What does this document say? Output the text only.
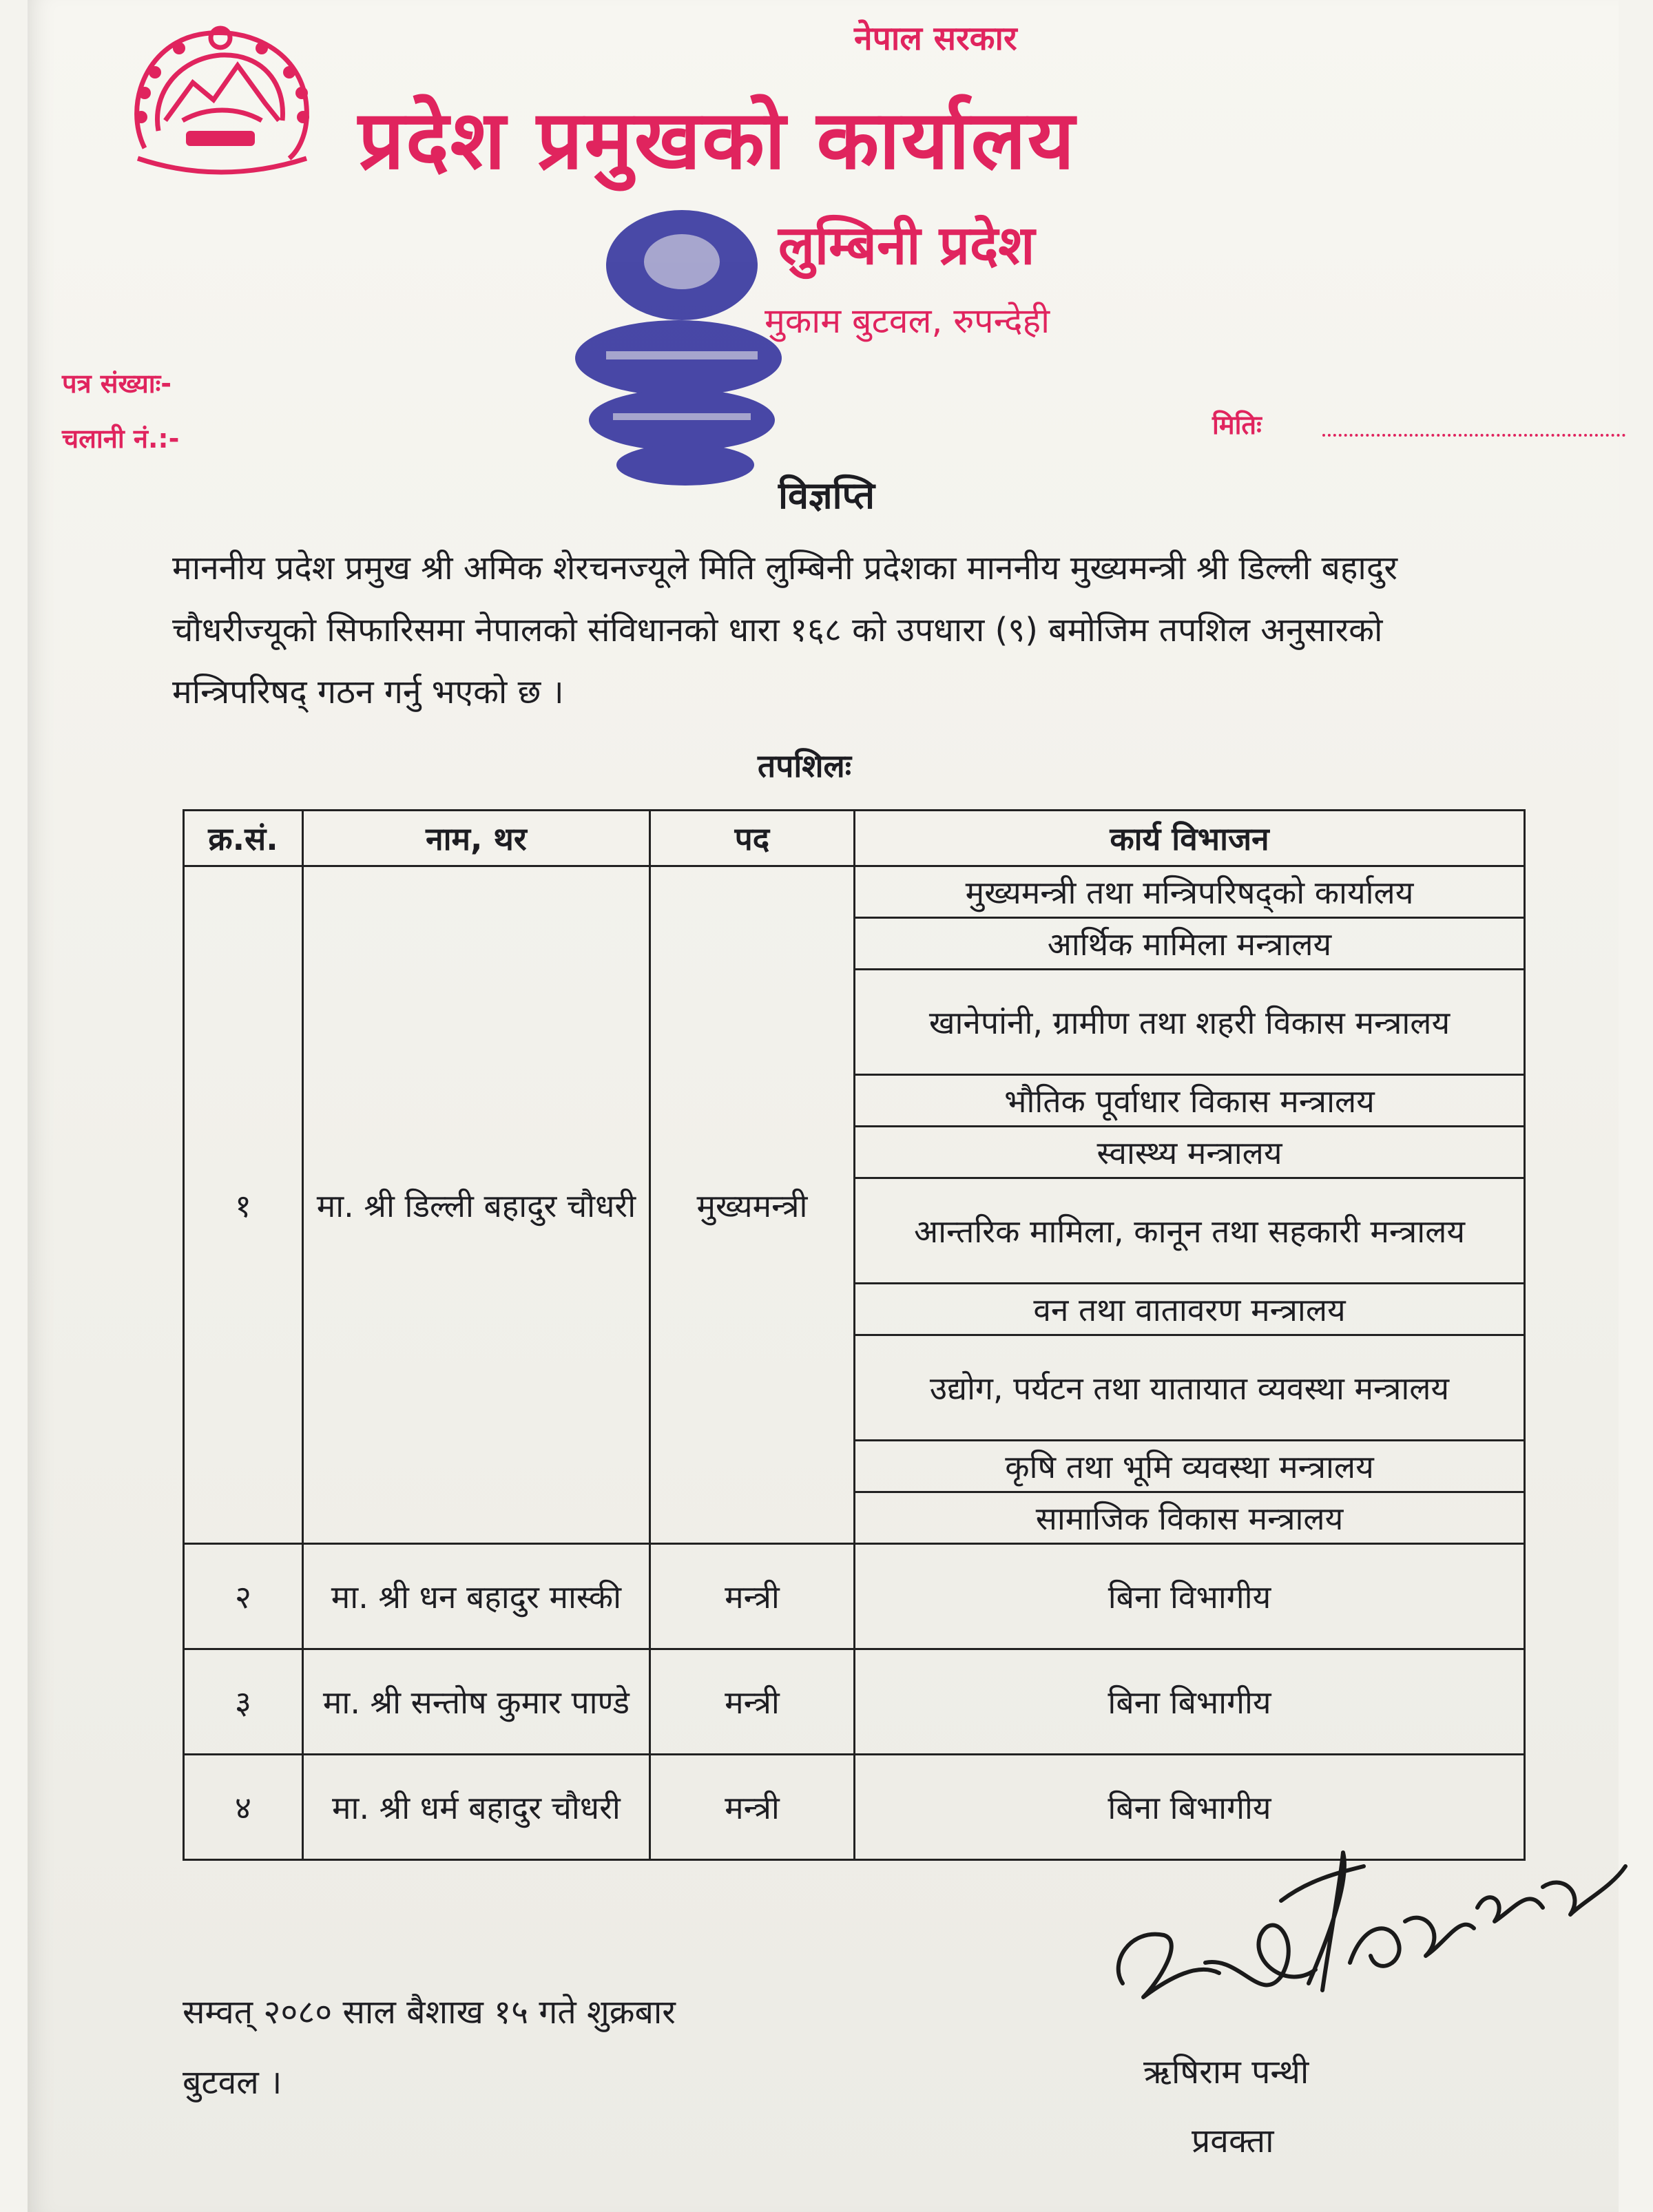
नेपाल सरकार
प्रदेश प्रमुखको कार्यालय
लुम्बिनी प्रदेश
मुकाम बुटवल, रुपन्देही
पत्र संख्याः-
चलानी नं.:-	मितिः
विज्ञप्ति
माननीय प्रदेश प्रमुख श्री अमिक शेरचनज्यूले मिति लुम्बिनी प्रदेशका माननीय मुख्यमन्त्री श्री डिल्ली बहादुर चौधरीज्यूको सिफारिसमा नेपालको संविधानको धारा १६८ को उपधारा (९) बमोजिम तपशिल अनुसारको मन्त्रिपरिषद् गठन गर्नु भएको छ ।
तपशिलः
क्र.सं.	नाम, थर	पद	कार्य विभाजन
१	मा. श्री डिल्ली बहादुर चौधरी	मुख्यमन्त्री	मुख्यमन्त्री तथा मन्त्रिपरिषद्को कार्यालय
			आर्थिक मामिला मन्त्रालय
			खानेपांनी, ग्रामीण तथा शहरी विकास मन्त्रालय
			भौतिक पूर्वाधार विकास मन्त्रालय
			स्वास्थ्य मन्त्रालय
			आन्तरिक मामिला, कानून तथा सहकारी मन्त्रालय
			वन तथा वातावरण मन्त्रालय
			उद्योग, पर्यटन तथा यातायात व्यवस्था मन्त्रालय
			कृषि तथा भूमि व्यवस्था मन्त्रालय
			सामाजिक विकास मन्त्रालय
२	मा. श्री धन बहादुर मास्की	मन्त्री	बिना विभागीय
३	मा. श्री सन्तोष कुमार पाण्डे	मन्त्री	बिना बिभागीय
४	मा. श्री धर्म बहादुर चौधरी	मन्त्री	बिना बिभागीय
सम्वत् २०८० साल बैशाख १५ गते शुक्रबार
बुटवल ।	ऋषिराम पन्थी
प्रवक्ता
